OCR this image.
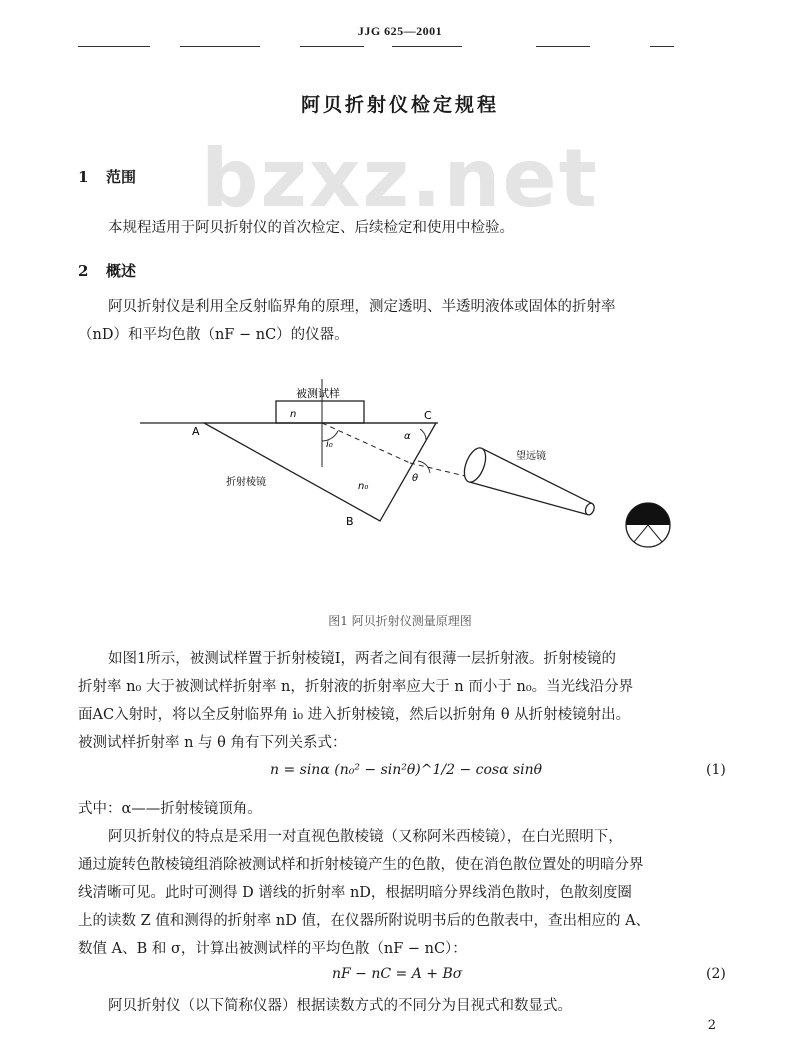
JJG 625—2001
bzxz.net
阿贝折射仪检定规程
1 范围
本规程适用于阿贝折射仪的首次检定、后续检定和使用中检验。
2 概述
阿贝折射仪是利用全反射临界角的原理，测定透明、半透明液体或固体的折射率
（nD）和平均色散（nF − nC）的仪器。
被测试样
n
A
C
B
折射棱镜	n₀
α
i₀
θ
望远镜
图1 阿贝折射仪测量原理图
如图1所示，被测试样置于折射棱镜Ⅰ，两者之间有很薄一层折射液。折射棱镜的
折射率 n₀ 大于被测试样折射率 n，折射液的折射率应大于 n 而小于 n₀。当光线沿分界
面AC入射时，将以全反射临界角 i₀ 进入折射棱镜，然后以折射角 θ 从折射棱镜射出。
被测试样折射率 n 与 θ 角有下列关系式：
n = sinα (n₀² − sin²θ)^1/2 − cosα sinθ	(1)
式中：α——折射棱镜顶角。
阿贝折射仪的特点是采用一对直视色散棱镜（又称阿米西棱镜），在白光照明下，
通过旋转色散棱镜组消除被测试样和折射棱镜产生的色散，使在消色散位置处的明暗分界
线清晰可见。此时可测得 D 谱线的折射率 nD，根据明暗分界线消色散时，色散刻度圈
上的读数 Z 值和测得的折射率 nD 值，在仪器所附说明书后的色散表中，查出相应的 A、
数值 A、B 和 σ，计算出被测试样的平均色散（nF − nC）：
nF − nC = A + Bσ	(2)
阿贝折射仪（以下简称仪器）根据读数方式的不同分为目视式和数显式。
2
